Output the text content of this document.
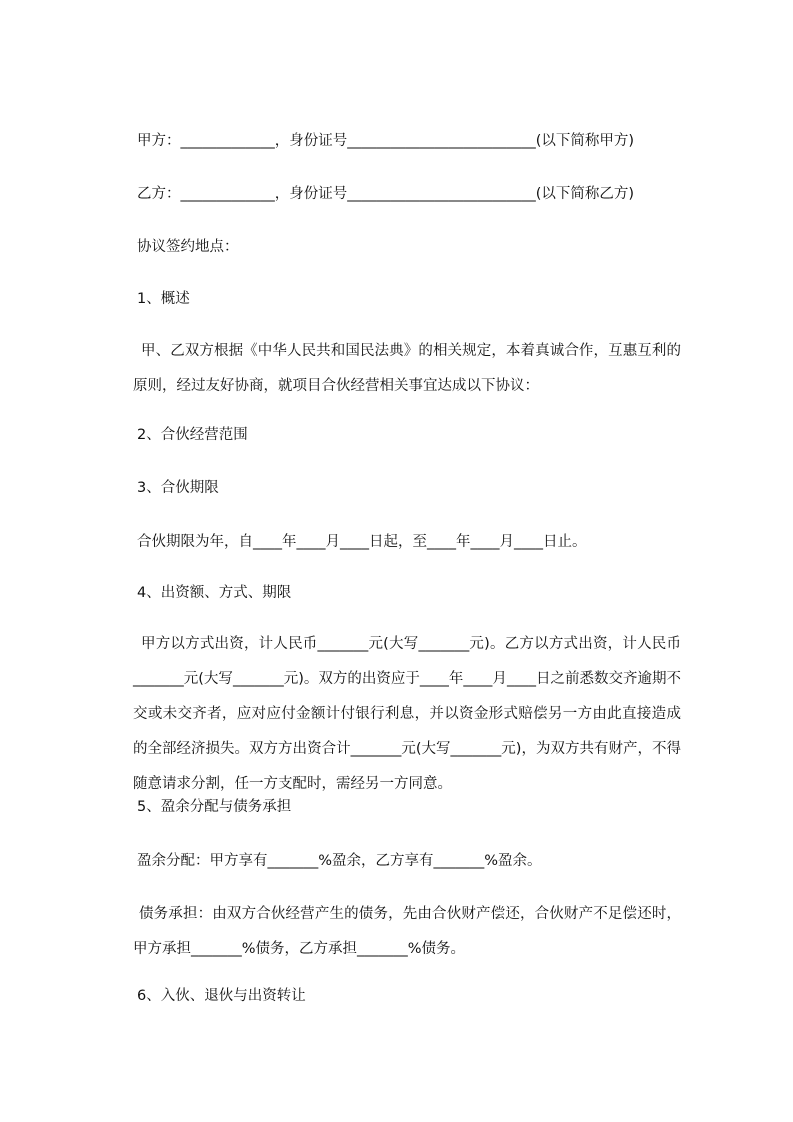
甲方：_____________，身份证号__________________________(以下简称甲方)
乙方：_____________，身份证号__________________________(以下简称乙方)
协议签约地点：
1、概述
甲、乙双方根据《中华人民共和国民法典》的相关规定，本着真诚合作，互惠互利的原则，经过友好协商，就项目合伙经营相关事宜达成以下协议：
2、合伙经营范围
3、合伙期限
合伙期限为年，自____年____月____日起，至____年____月____日止。
4、出资额、方式、期限
甲方以方式出资，计人民币_______元(大写_______元)。乙方以方式出资，计人民币_______元(大写_______元)。双方的出资应于____年____月____日之前悉数交齐逾期不交或未交齐者，应对应付金额计付银行利息，并以资金形式赔偿另一方由此直接造成的全部经济损失。双方方出资合计_______元(大写_______元)，为双方共有财产，不得随意请求分割，任一方支配时，需经另一方同意。
5、盈余分配与债务承担
盈余分配：甲方享有_______%盈余，乙方享有_______%盈余。
债务承担：由双方合伙经营产生的债务，先由合伙财产偿还，合伙财产不足偿还时，甲方承担_______%债务，乙方承担_______%债务。
6、入伙、退伙与出资转让
